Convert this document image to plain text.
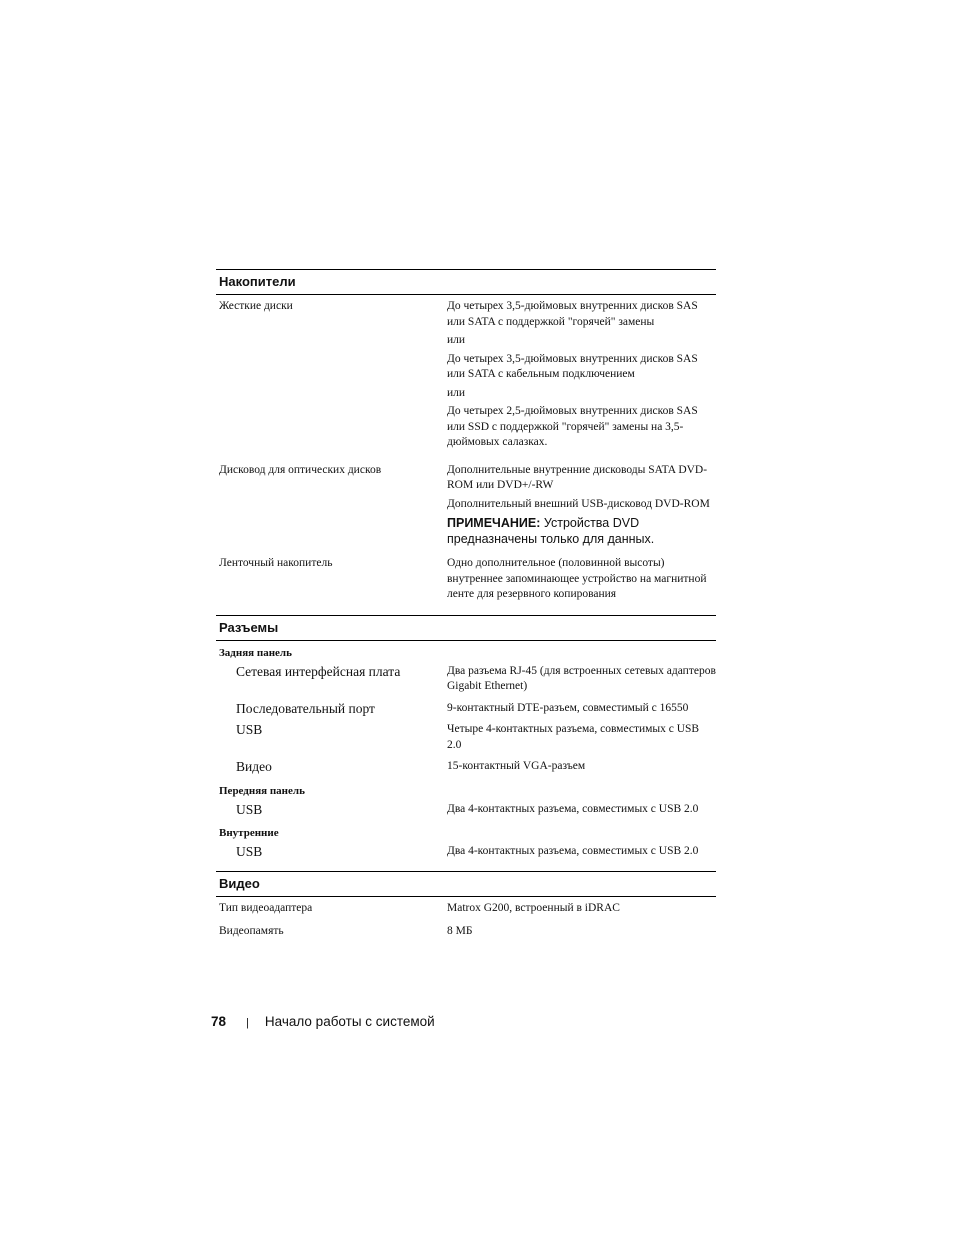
Накопители
Жесткие диски	До четырех 3,5-дюймовых внутренних дисков SAS или SATA с поддержкой "горячей" замены
или
До четырех 3,5-дюймовых внутренних дисков SAS или SATA с кабельным подключением
или
До четырех 2,5-дюймовых внутренних дисков SAS или SSD с поддержкой "горячей" замены на 3,5-дюймовых салазках.
Дисковод для оптических дисков	Дополнительные внутренние дисководы SATA DVD-ROM или DVD+/-RW
Дополнительный внешний USB-дисковод DVD-ROM
ПРИМЕЧАНИЕ: Устройства DVD предназначены только для данных.
Ленточный накопитель	Одно дополнительное (половинной высоты) внутреннее запоминающее устройство на магнитной ленте для резервного копирования
Разъемы
Задняя панель
Сетевая интерфейсная плата	Два разъема RJ-45 (для встроенных сетевых адаптеров Gigabit Ethernet)
Последовательный порт	9-контактный DTE-разъем, совместимый с 16550
USB	Четыре 4-контактных разъема, совместимых с USB 2.0
Видео	15-контактный VGA-разъем
Передняя панель
USB	Два 4-контактных разъема, совместимых с USB 2.0
Внутренние
USB	Два 4-контактных разъема, совместимых с USB 2.0
Видео
Тип видеоадаптера	Matrox G200, встроенный в iDRAC
Видеопамять	8 МБ
78 | Начало работы с системой
